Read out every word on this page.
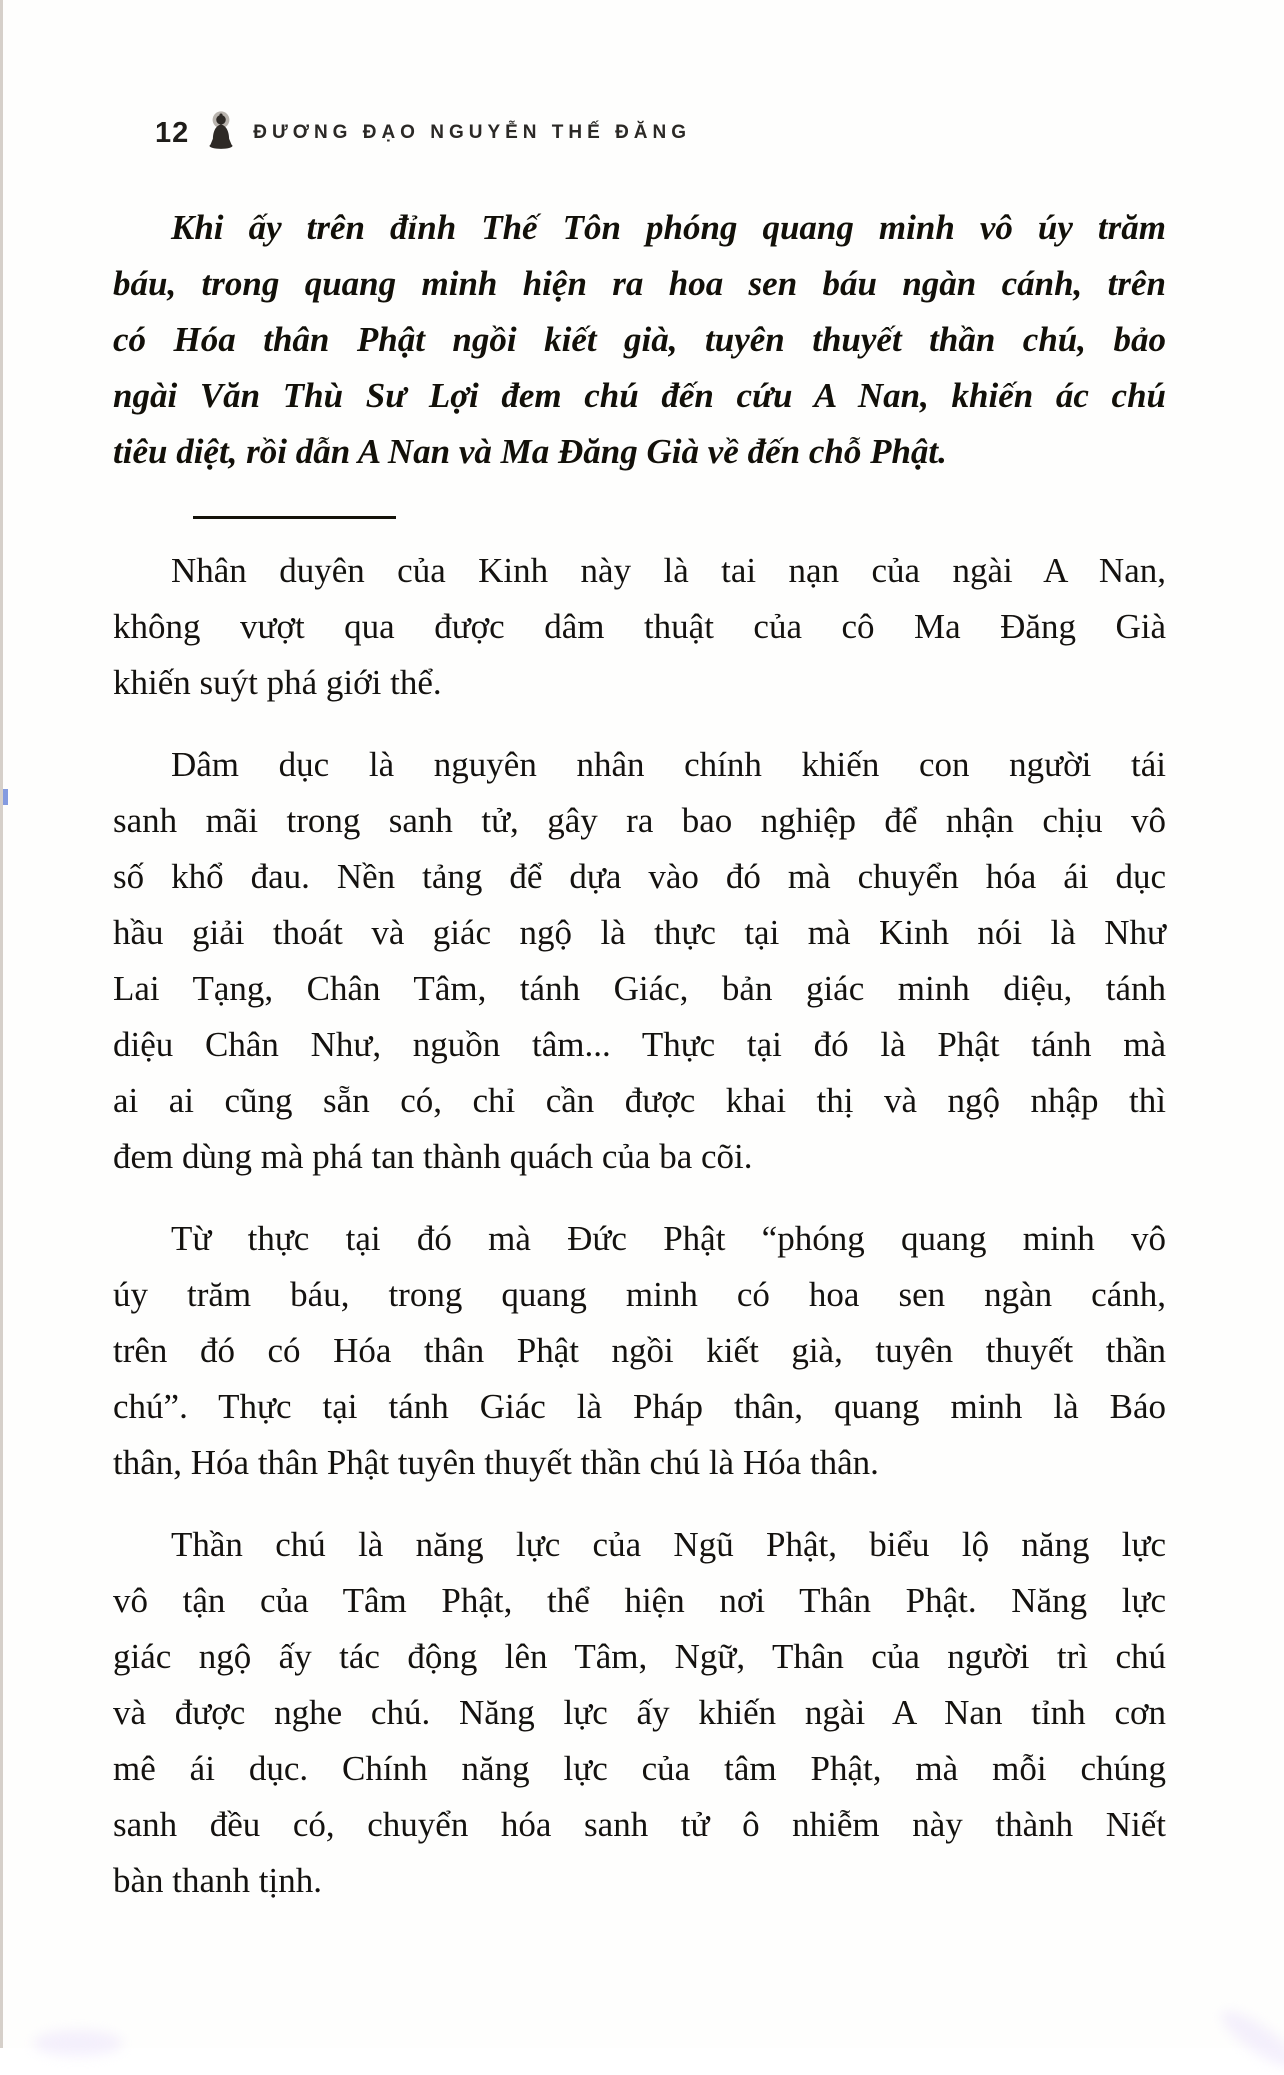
12	ĐƯƠNG ĐẠO NGUYỄN THẾ ĐĂNG
Khi ấy trên đỉnh Thế Tôn phóng quang minh vô úy trăm
báu, trong quang minh hiện ra hoa sen báu ngàn cánh, trên
có Hóa thân Phật ngồi kiết già, tuyên thuyết thần chú, bảo
ngài Văn Thù Sư Lợi đem chú đến cứu A Nan, khiến ác chú
tiêu diệt, rồi dẫn A Nan và Ma Đăng Già về đến chỗ Phật.
Nhân duyên của Kinh này là tai nạn của ngài A Nan,
không vượt qua được dâm thuật của cô Ma Đăng Già
khiến suýt phá giới thể.
Dâm dục là nguyên nhân chính khiến con người tái
sanh mãi trong sanh tử, gây ra bao nghiệp để nhận chịu vô
số khổ đau. Nền tảng để dựa vào đó mà chuyển hóa ái dục
hầu giải thoát và giác ngộ là thực tại mà Kinh nói là Như
Lai Tạng, Chân Tâm, tánh Giác, bản giác minh diệu, tánh
diệu Chân Như, nguồn tâm... Thực tại đó là Phật tánh mà
ai ai cũng sẵn có, chỉ cần được khai thị và ngộ nhập thì
đem dùng mà phá tan thành quách của ba cõi.
Từ thực tại đó mà Đức Phật “phóng quang minh vô
úy trăm báu, trong quang minh có hoa sen ngàn cánh,
trên đó có Hóa thân Phật ngồi kiết già, tuyên thuyết thần
chú”. Thực tại tánh Giác là Pháp thân, quang minh là Báo
thân, Hóa thân Phật tuyên thuyết thần chú là Hóa thân.
Thần chú là năng lực của Ngũ Phật, biểu lộ năng lực
vô tận của Tâm Phật, thể hiện nơi Thân Phật. Năng lực
giác ngộ ấy tác động lên Tâm, Ngữ, Thân của người trì chú
và được nghe chú. Năng lực ấy khiến ngài A Nan tỉnh cơn
mê ái dục. Chính năng lực của tâm Phật, mà mỗi chúng
sanh đều có, chuyển hóa sanh tử ô nhiễm này thành Niết
bàn thanh tịnh.
